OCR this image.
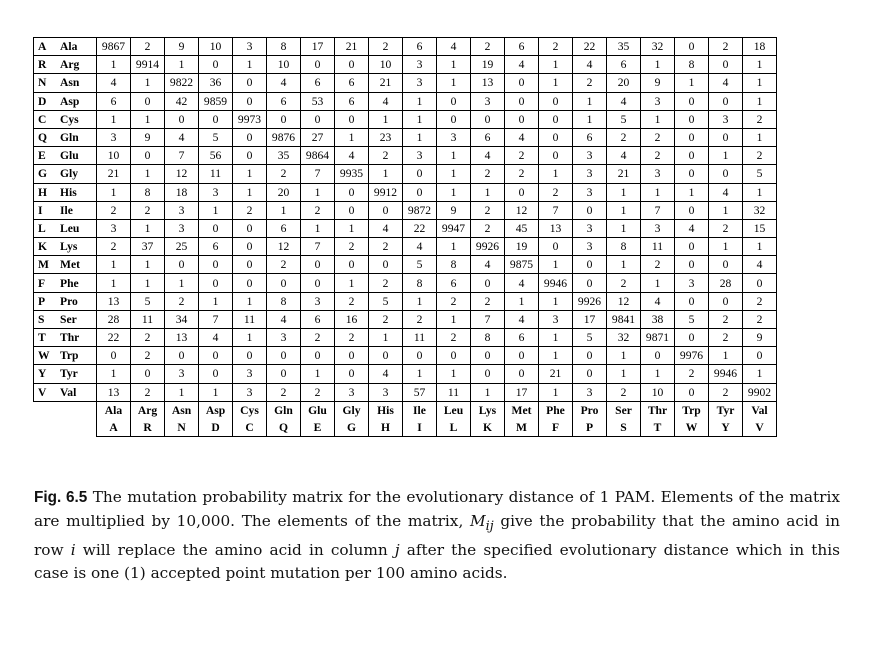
A	Ala	9867	2	9	10	3	8	17	21	2	6	4	2	6	2	22	35	32	0	2	18
R	Arg	1	9914	1	0	1	10	0	0	10	3	1	19	4	1	4	6	1	8	0	1
N	Asn	4	1	9822	36	0	4	6	6	21	3	1	13	0	1	2	20	9	1	4	1
D	Asp	6	0	42	9859	0	6	53	6	4	1	0	3	0	0	1	4	3	0	0	1
C	Cys	1	1	0	0	9973	0	0	0	1	1	0	0	0	0	1	5	1	0	3	2
Q	Gln	3	9	4	5	0	9876	27	1	23	1	3	6	4	0	6	2	2	0	0	1
E	Glu	10	0	7	56	0	35	9864	4	2	3	1	4	2	0	3	4	2	0	1	2
G	Gly	21	1	12	11	1	2	7	9935	1	0	1	2	2	1	3	21	3	0	0	5
H	His	1	8	18	3	1	20	1	0	9912	0	1	1	0	2	3	1	1	1	4	1
I	Ile	2	2	3	1	2	1	2	0	0	9872	9	2	12	7	0	1	7	0	1	32
L	Leu	3	1	3	0	0	6	1	1	4	22	9947	2	45	13	3	1	3	4	2	15
K	Lys	2	37	25	6	0	12	7	2	2	4	1	9926	19	0	3	8	11	0	1	1
M	Met	1	1	0	0	0	2	0	0	0	5	8	4	9875	1	0	1	2	0	0	4
F	Phe	1	1	1	0	0	0	0	1	2	8	6	0	4	9946	0	2	1	3	28	0
P	Pro	13	5	2	1	1	8	3	2	5	1	2	2	1	1	9926	12	4	0	0	2
S	Ser	28	11	34	7	11	4	6	16	2	2	1	7	4	3	17	9841	38	5	2	2
T	Thr	22	2	13	4	1	3	2	2	1	11	2	8	6	1	5	32	9871	0	2	9
W	Trp	0	2	0	0	0	0	0	0	0	0	0	0	0	1	0	1	0	9976	1	0
Y	Tyr	1	0	3	0	3	0	1	0	4	1	1	0	0	21	0	1	1	2	9946	1
V	Val	13	2	1	1	3	2	2	3	3	57	11	1	17	1	3	2	10	0	2	9902
		Ala	Arg	Asn	Asp	Cys	Gln	Glu	Gly	His	Ile	Leu	Lys	Met	Phe	Pro	Ser	Thr	Trp	Tyr	Val
		A	R	N	D	C	Q	E	G	H	I	L	K	M	F	P	S	T	W	Y	V
Fig. 6.5 The mutation probability matrix for the evolutionary distance of 1 PAM. Elements of the matrix are multiplied by 10,000. The elements of the matrix, $M_{ij}$ give the probability that the amino acid in row i will replace the amino acid in column j after the specified evolutionary distance which in this case is one (1) accepted point mutation per 100 amino acids.
